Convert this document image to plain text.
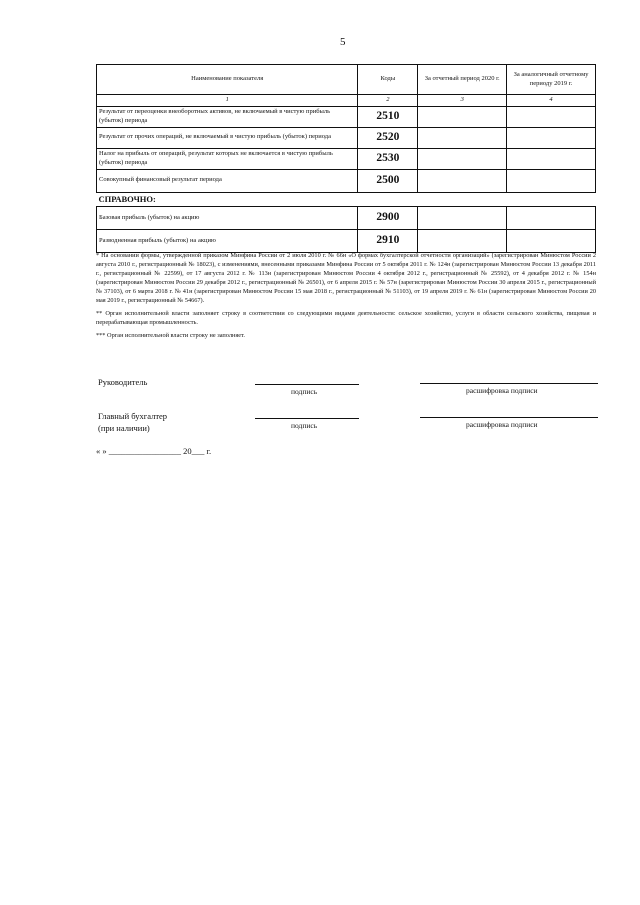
5
Наименование показателя	Коды	За отчетный период 2020 г.	За аналогичный отчетному периоду 2019 г.
1	2	3	4
Результат от переоценки внеоборотных активов, не включаемый в чистую прибыль (убыток) периода	2510		
Результат от прочих операций, не включаемый в чистую прибыль (убыток) периода	2520		
Налог на прибыль от операций, результат которых не включается в чистую прибыль (убыток) периода	2530		
Совокупный финансовый результат периода	2500		
СПРАВОЧНО:			
Базовая прибыль (убыток) на акцию	2900		
Разводненная прибыль (убыток) на акцию	2910		

* На основании формы, утвержденной приказом Минфина России от 2 июля 2010 г. № 66н «О формах бухгалтерской отчетности организаций» (зарегистрирован Минюстом России 2 августа 2010 г., регистрационный № 18023), с изменениями, внесенными приказами Минфина России от 5 октября 2011 г. № 124н (зарегистрирован Минюстом России 13 декабря 2011 г., регистрационный № 22599), от 17 августа 2012 г. № 113н (зарегистрирован Минюстом России 4 октября 2012 г., регистрационный № 25592), от 4 декабря 2012 г. № 154н (зарегистрирован Минюстом России 29 декабря 2012 г., регистрационный № 26501), от 6 апреля 2015 г. № 57н (зарегистрирован Минюстом России 30 апреля 2015 г., регистрационный № 37103), от 6 марта 2018 г. № 41н (зарегистрирован Минюстом России 15 мая 2018 г., регистрационный № 51103), от 19 апреля 2019 г. № 61н (зарегистрирован Минюстом России 20 мая 2019 г., регистрационный № 54667).

** Орган исполнительной власти заполняет строку в соответствии со следующими видами деятельности: сельское хозяйство, услуги в области сельского хозяйства, пищевая и перерабатывающая промышленность.

*** Орган исполнительной власти строку не заполняет.

Руководитель
подпись	расшифровка подписи
Главный бухгалтер
(при наличии)	подпись	расшифровка подписи
« » _________________ 20___ г.
